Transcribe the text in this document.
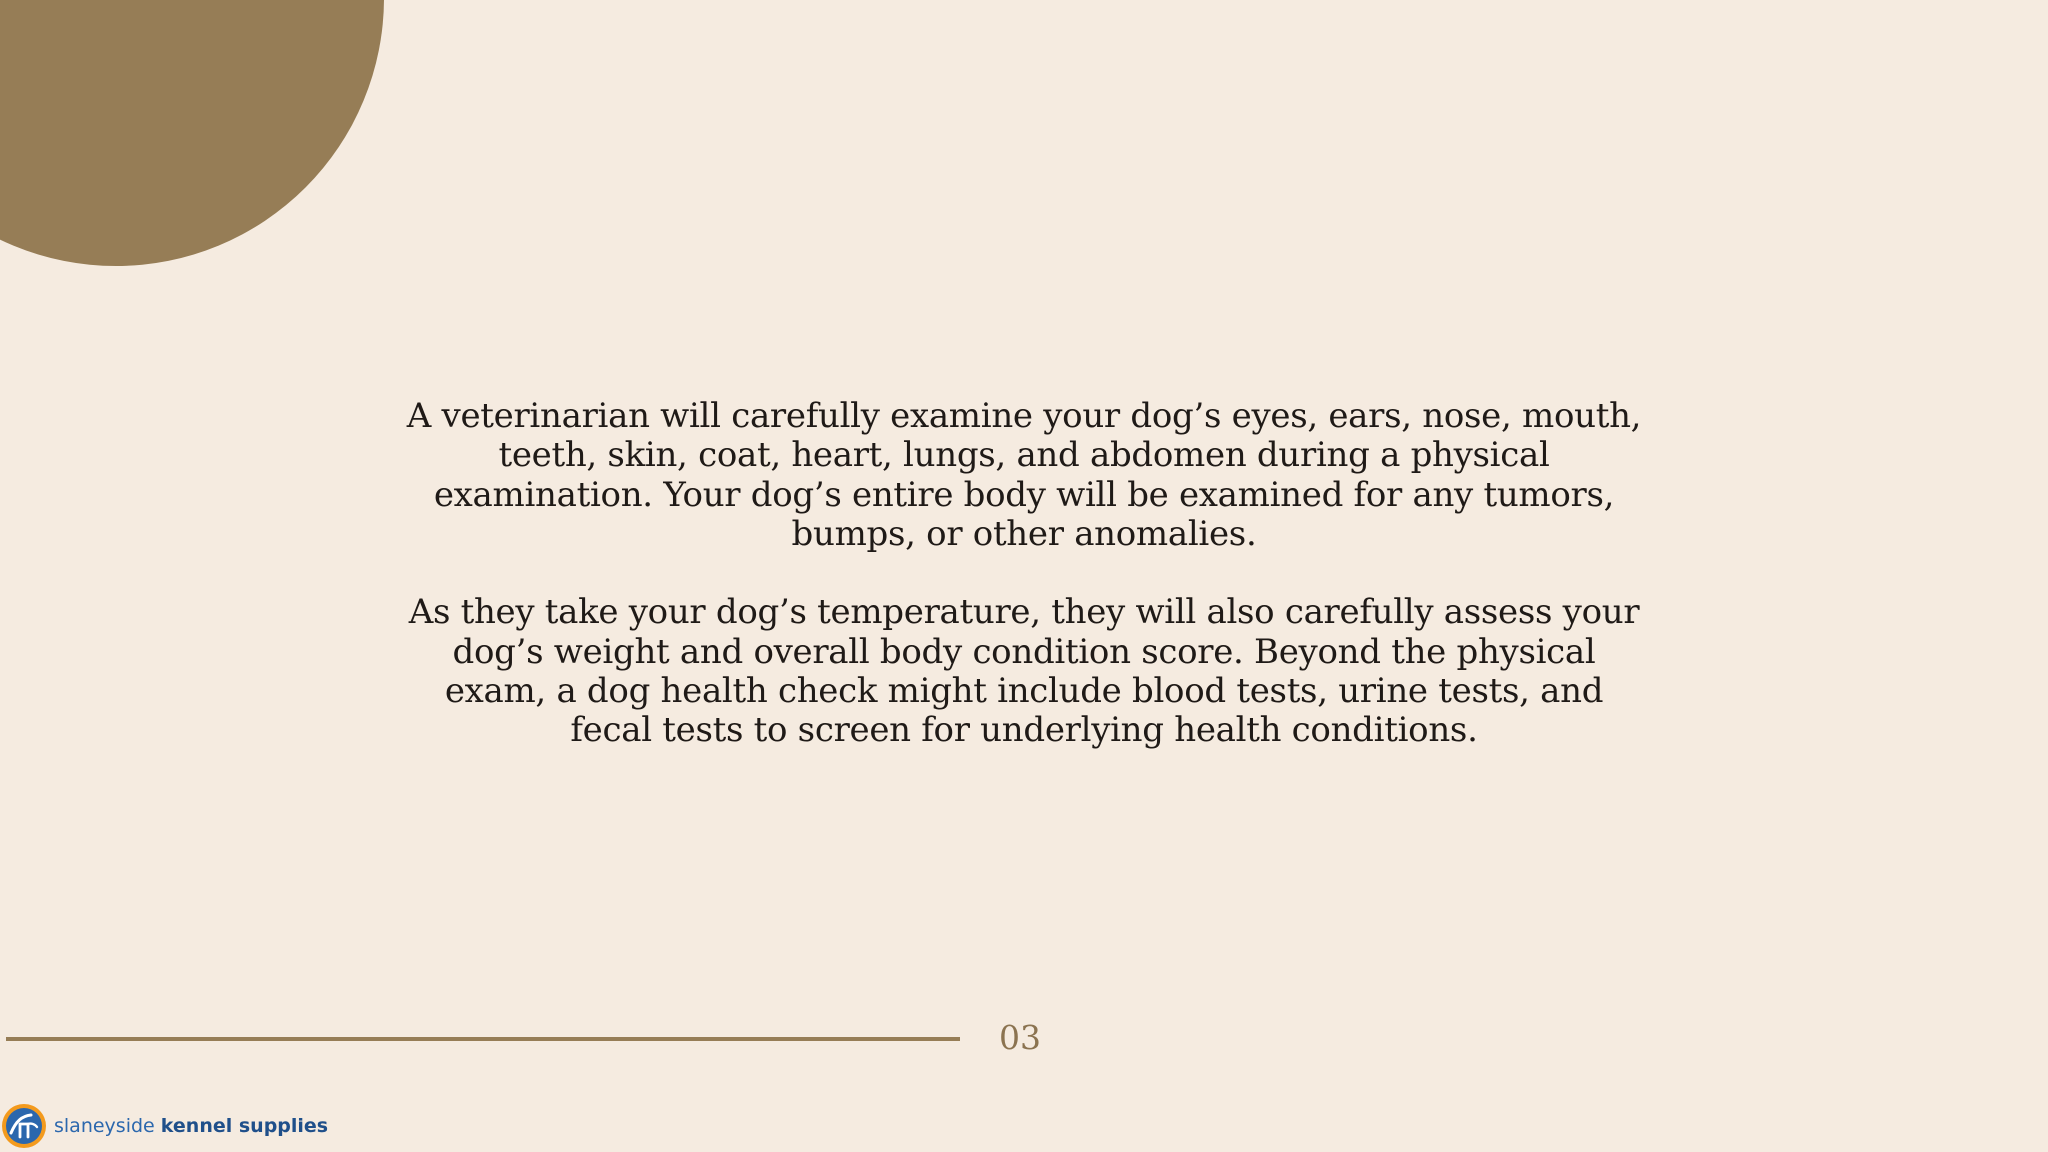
A veterinarian will carefully examine your dog’s eyes, ears, nose, mouth, teeth, skin, coat, heart, lungs, and abdomen during a physical examination. Your dog’s entire body will be examined for any tumors, bumps, or other anomalies.

As they take your dog’s temperature, they will also carefully assess your dog’s weight and overall body condition score. Beyond the physical exam, a dog health check might include blood tests, urine tests, and fecal tests to screen for underlying health conditions.

03
slaneyside kennel supplies
